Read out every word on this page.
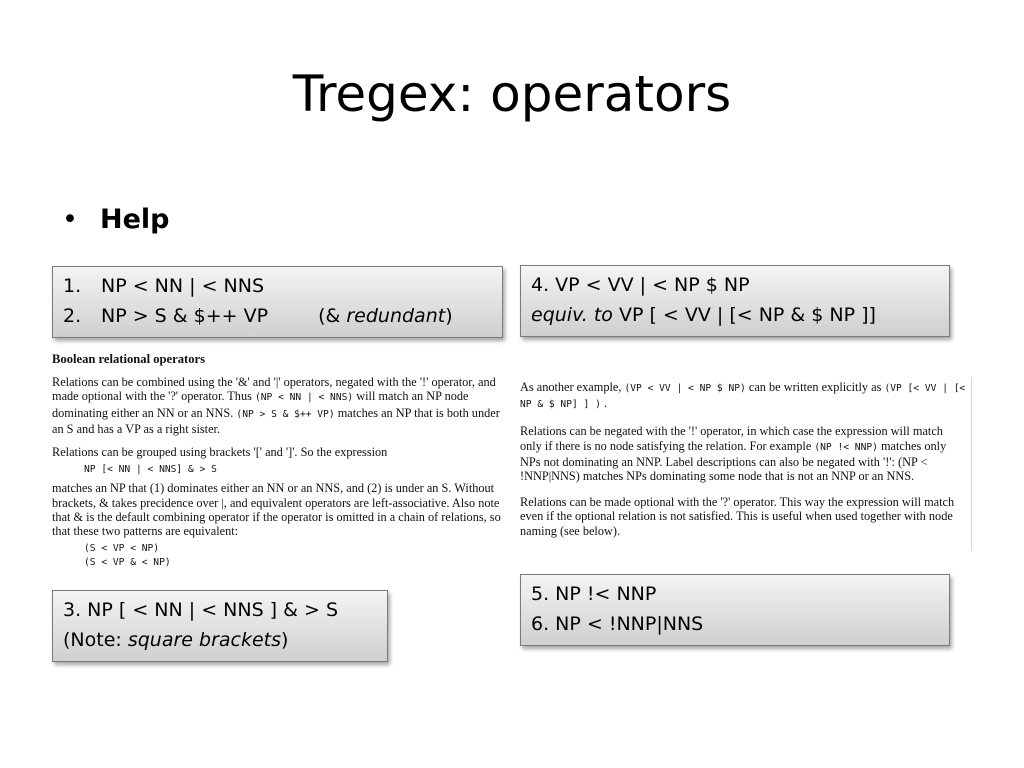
Tregex: operators
• Help
1. NP < NN | < NNS
2. NP > S & $++ VP	(& redundant)
4. VP < VV | < NP $ NP
equiv. to VP [ < VV | [< NP & $ NP ]]

Boolean relational operators

Relations can be combined using the '&' and '|' operators, negated with the '!' operator, and made optional with the '?' operator. Thus (NP < NN | < NNS) will match an NP node dominating either an NN or an NNS. (NP > S & $++ VP) matches an NP that is both under an S and has a VP as a right sister.

Relations can be grouped using brackets '[' and ']'. So the expression

NP [< NN | < NNS] & > S

matches an NP that (1) dominates either an NN or an NNS, and (2) is under an S. Without brackets, & takes precidence over |, and equivalent operators are left-associative. Also note that & is the default combining operator if the operator is omitted in a chain of relations, so that these two patterns are equivalent:

(S < VP < NP)
(S < VP & < NP)

As another example, (VP < VV | < NP $ NP) can be written explicitly as (VP [< VV | [< NP & $ NP] ] ) .

Relations can be negated with the '!' operator, in which case the expression will match only if there is no node satisfying the relation. For example (NP !< NNP) matches only NPs not dominating an NNP. Label descriptions can also be negated with '!': (NP < !NNP|NNS) matches NPs dominating some node that is not an NNP or an NNS.

Relations can be made optional with the '?' operator. This way the expression will match even if the optional relation is not satisfied. This is useful when used together with node naming (see below).

3. NP [ < NN | < NNS ] & > S
(Note: square brackets)
5. NP !< NNP
6. NP < !NNP|NNS
